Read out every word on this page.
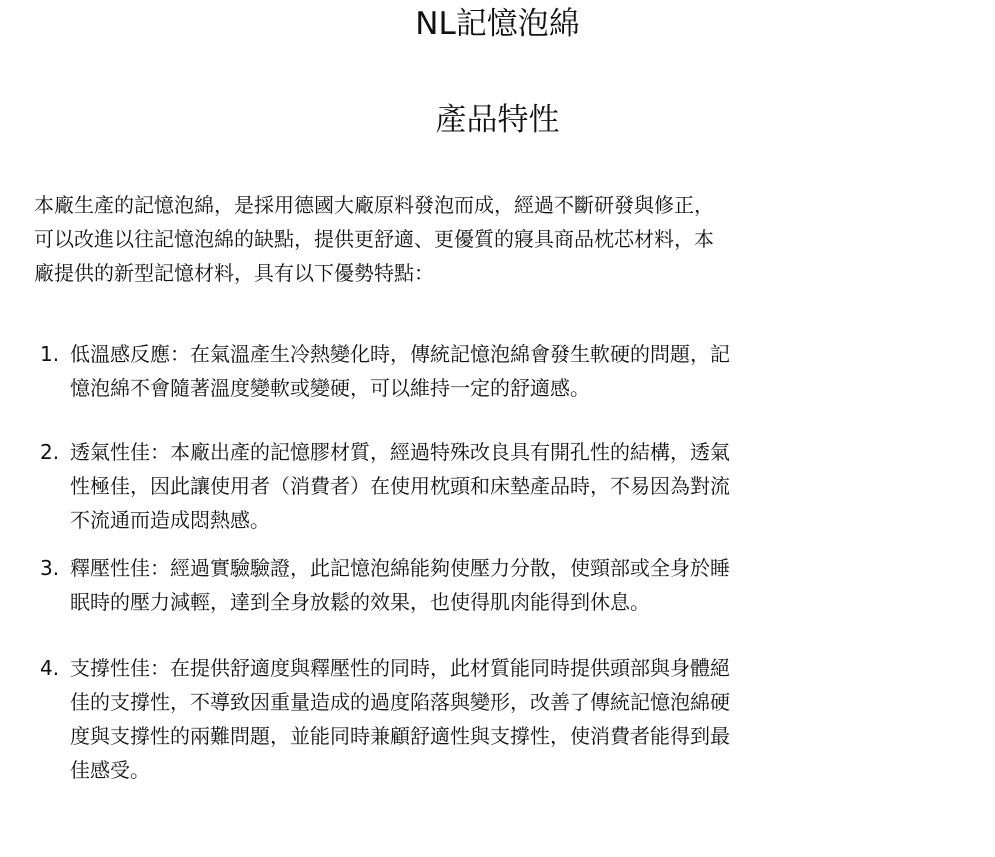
NL記憶泡綿
產品特性

本廠生產的記憶泡綿，是採用德國大廠原料發泡而成，經過不斷研發與修正，
可以改進以往記憶泡綿的缺點，提供更舒適、更優質的寢具商品枕芯材料，本
廠提供的新型記憶材料，具有以下優勢特點：

1. 低溫感反應：在氣溫產生冷熱變化時，傳統記憶泡綿會發生軟硬的問題，記
憶泡綿不會隨著溫度變軟或變硬，可以維持一定的舒適感。
2. 透氣性佳：本廠出產的記憶膠材質，經過特殊改良具有開孔性的結構，透氣
性極佳，因此讓使用者（消費者）在使用枕頭和床墊產品時，不易因為對流
不流通而造成悶熱感。
3. 釋壓性佳：經過實驗驗證，此記憶泡綿能夠使壓力分散，使頸部或全身於睡
眠時的壓力減輕，達到全身放鬆的效果，也使得肌肉能得到休息。
4. 支撐性佳：在提供舒適度與釋壓性的同時，此材質能同時提供頭部與身體絕
佳的支撐性，不導致因重量造成的過度陷落與變形，改善了傳統記憶泡綿硬
度與支撐性的兩難問題，並能同時兼顧舒適性與支撐性，使消費者能得到最
佳感受。
